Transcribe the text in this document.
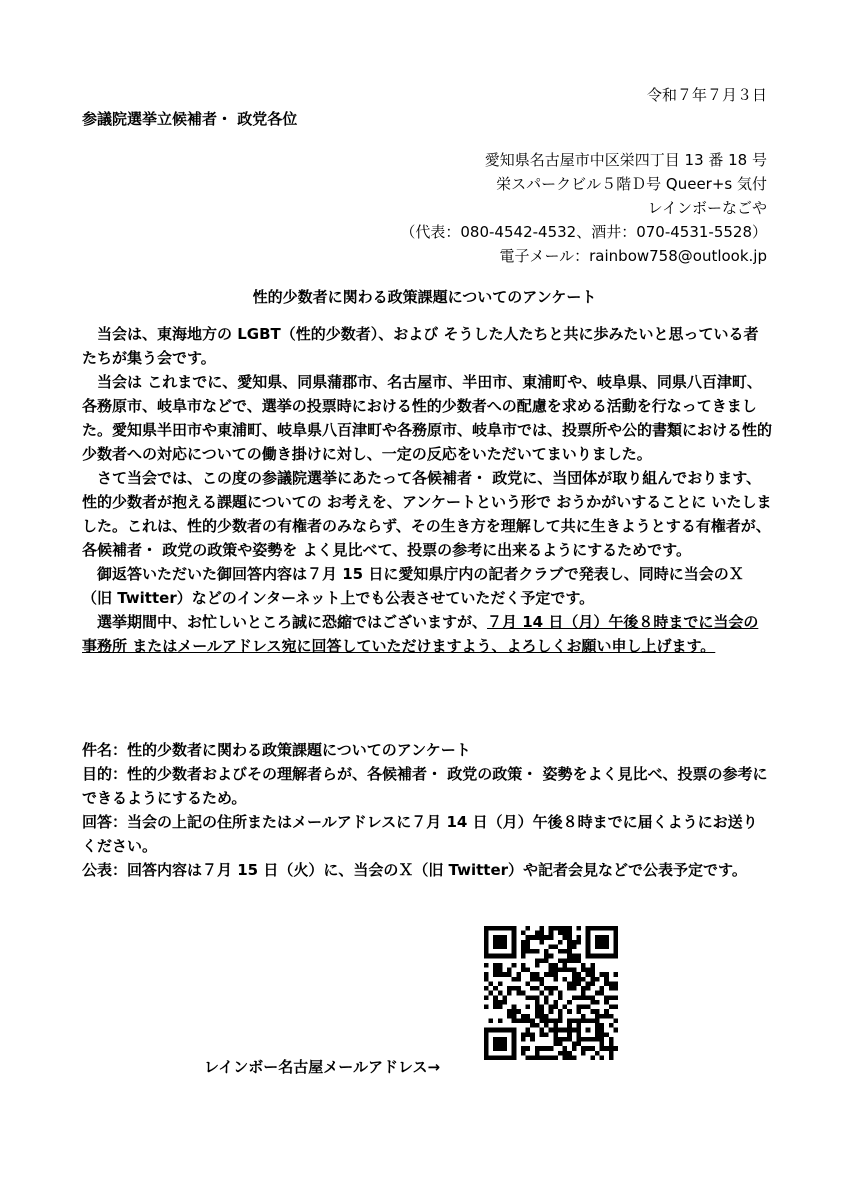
令和７年７月３日
参議院選挙立候補者・ 政党各位
愛知県名古屋市中区栄四丁目 13 番 18 号
栄スパークビル５階Ｄ号 Queer+s 気付
レインボーなごや
（代表：080-4542-4532、酒井：070-4531-5528）
電子メール：rainbow758@outlook.jp
性的少数者に関わる政策課題についてのアンケート

当会は、東海地方の LGBT（性的少数者）、および そうした人たちと共に歩みたいと思っている者たちが集う会です。

当会は これまでに、愛知県、同県蒲郡市、名古屋市、半田市、東浦町や、岐阜県、同県八百津町、各務原市、岐阜市などで、選挙の投票時における性的少数者への配慮を求める活動を行なってきました。愛知県半田市や東浦町、岐阜県八百津町や各務原市、岐阜市では、投票所や公的書類における性的少数者への対応についての働き掛けに対し、一定の反応をいただいてまいりました。

さて当会では、この度の参議院選挙にあたって各候補者・ 政党に、当団体が取り組んでおります、性的少数者が抱える課題についての お考えを、アンケートという形で おうかがいすることに いたしました。これは、性的少数者の有権者のみならず、その生き方を理解して共に生きようとする有権者が、各候補者・ 政党の政策や姿勢を よく見比べて、投票の参考に出来るようにするためです。

御返答いただいた御回答内容は７月 15 日に愛知県庁内の記者クラブで発表し、同時に当会のＸ（旧 Twitter）などのインターネット上でも公表させていただく予定です。

選挙期間中、お忙しいところ誠に恐縮ではございますが、７月 14 日（月）午後８時までに当会の事務所 またはメールアドレス宛に回答していただけますよう、よろしくお願い申し上げます。

件名：性的少数者に関わる政策課題についてのアンケート

目的：性的少数者およびその理解者らが、各候補者・ 政党の政策・ 姿勢をよく見比べ、投票の参考にできるようにするため。

回答：当会の上記の住所またはメールアドレスに７月 14 日（月）午後８時までに届くようにお送りください。

公表：回答内容は７月 15 日（火）に、当会のＸ（旧 Twitter）や記者会見などで公表予定です。

レインボー名古屋メールアドレス→
